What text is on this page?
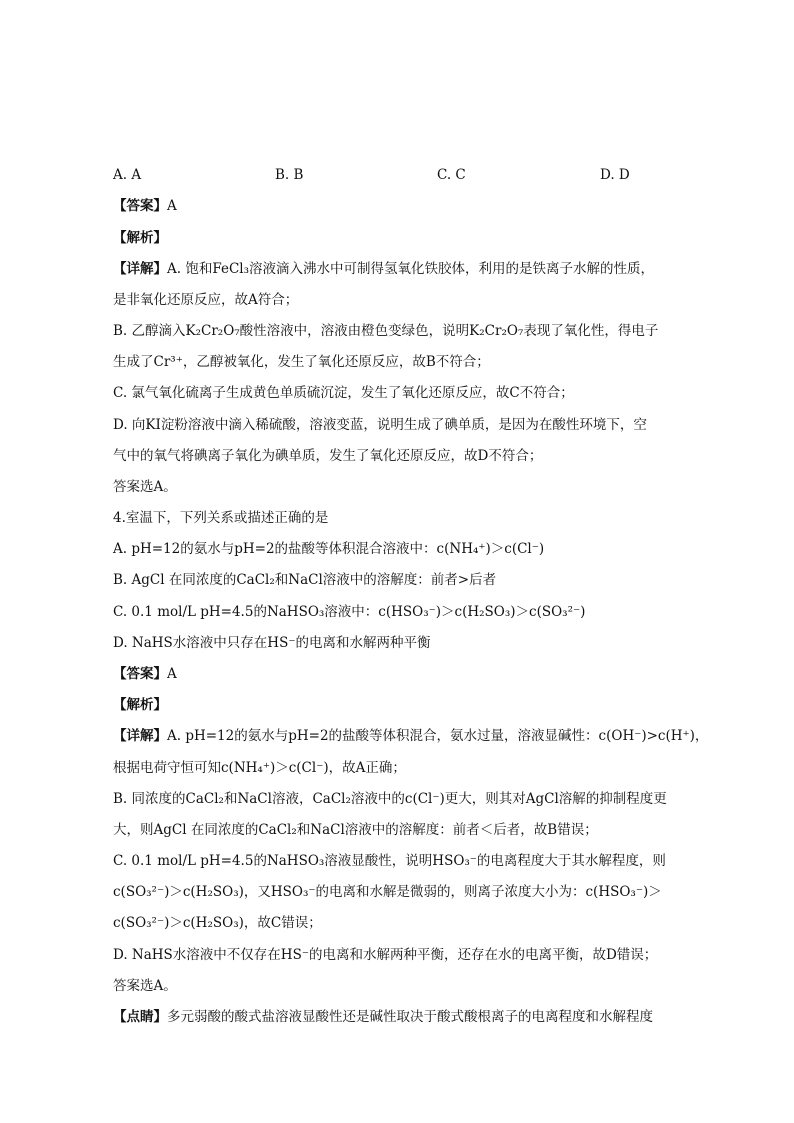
A. A	B. B	C. C	D. D
【答案】A
【解析】
【详解】A. 饱和FeCl₃溶液滴入沸水中可制得氢氧化铁胶体，利用的是铁离子水解的性质，
是非氧化还原反应，故A符合；
B. 乙醇滴入K₂Cr₂O₇酸性溶液中，溶液由橙色变绿色，说明K₂Cr₂O₇表现了氧化性，得电子
生成了Cr³⁺，乙醇被氧化，发生了氧化还原反应，故B不符合；
C. 氯气氧化硫离子生成黄色单质硫沉淀，发生了氧化还原反应，故C不符合；
D. 向KI淀粉溶液中滴入稀硫酸，溶液变蓝，说明生成了碘单质，是因为在酸性环境下，空
气中的氧气将碘离子氧化为碘单质，发生了氧化还原反应，故D不符合；
答案选A。
4.室温下，下列关系或描述正确的是
A. pH=12的氨水与pH=2的盐酸等体积混合溶液中：c(NH₄⁺)＞c(Cl⁻)
B. AgCl 在同浓度的CaCl₂和NaCl溶液中的溶解度：前者>后者
C. 0.1 mol/L pH=4.5的NaHSO₃溶液中：c(HSO₃⁻)＞c(H₂SO₃)＞c(SO₃²⁻)
D. NaHS水溶液中只存在HS⁻的电离和水解两种平衡
【答案】A
【解析】
【详解】A. pH=12的氨水与pH=2的盐酸等体积混合，氨水过量，溶液显碱性：c(OH⁻)>c(H⁺)，
根据电荷守恒可知c(NH₄⁺)＞c(Cl⁻)，故A正确；
B. 同浓度的CaCl₂和NaCl溶液，CaCl₂溶液中的c(Cl⁻)更大，则其对AgCl溶解的抑制程度更
大，则AgCl 在同浓度的CaCl₂和NaCl溶液中的溶解度：前者＜后者，故B错误；
C. 0.1 mol/L pH=4.5的NaHSO₃溶液显酸性，说明HSO₃⁻的电离程度大于其水解程度，则
c(SO₃²⁻)＞c(H₂SO₃)，又HSO₃⁻的电离和水解是微弱的，则离子浓度大小为：c(HSO₃⁻)＞
c(SO₃²⁻)＞c(H₂SO₃)，故C错误；
D. NaHS水溶液中不仅存在HS⁻的电离和水解两种平衡，还存在水的电离平衡，故D错误；
答案选A。
【点睛】多元弱酸的酸式盐溶液显酸性还是碱性取决于酸式酸根离子的电离程度和水解程度
